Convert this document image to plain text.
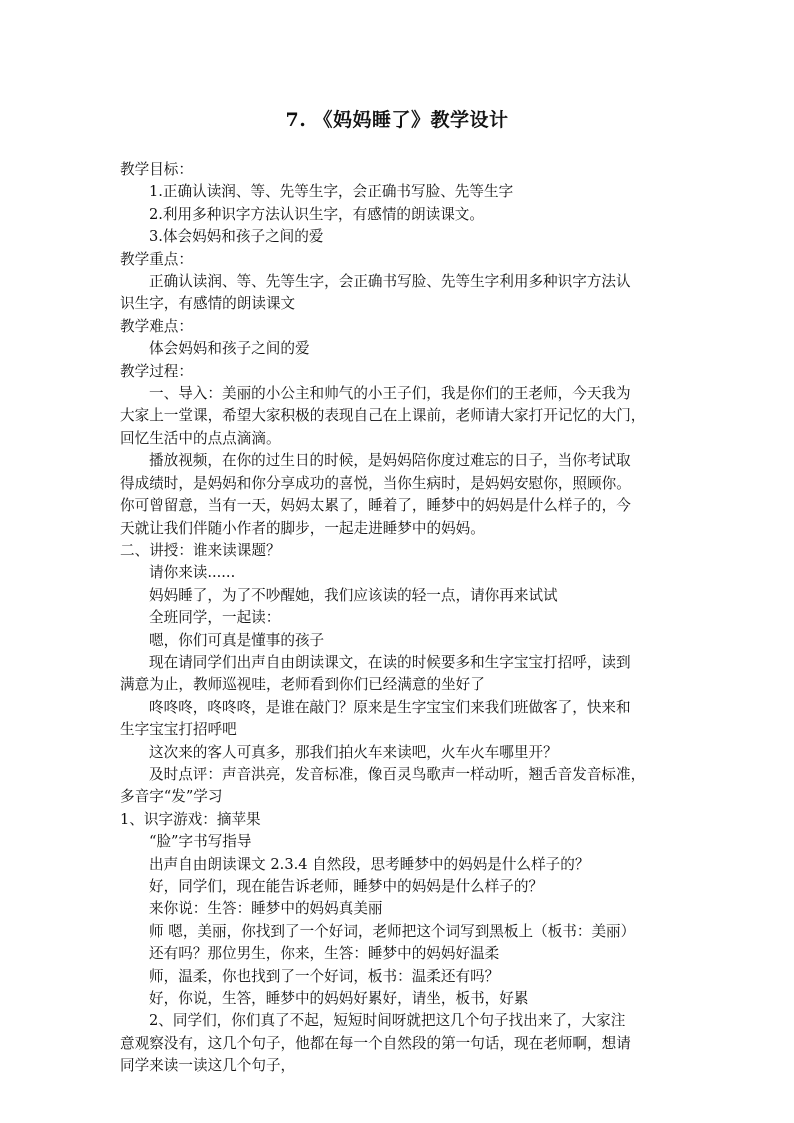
7. 《妈妈睡了》教学设计
教学目标：
1.正确认读润、等、先等生字，会正确书写脸、先等生字
2.利用多种识字方法认识生字，有感情的朗读课文。
3.体会妈妈和孩子之间的爱
教学重点：
正确认读润、等、先等生字，会正确书写脸、先等生字利用多种识字方法认
识生字，有感情的朗读课文
教学难点：
体会妈妈和孩子之间的爱
教学过程：
一、导入：美丽的小公主和帅气的小王子们，我是你们的王老师，今天我为
大家上一堂课，希望大家积极的表现自己在上课前，老师请大家打开记忆的大门，
回忆生活中的点点滴滴。
播放视频，在你的过生日的时候，是妈妈陪你度过难忘的日子，当你考试取
得成绩时，是妈妈和你分享成功的喜悦，当你生病时，是妈妈安慰你，照顾你。
你可曾留意，当有一天，妈妈太累了，睡着了，睡梦中的妈妈是什么样子的，今
天就让我们伴随小作者的脚步，一起走进睡梦中的妈妈。
二、讲授：谁来读课题？
请你来读......
妈妈睡了，为了不吵醒她，我们应该读的轻一点，请你再来试试
全班同学，一起读：
嗯，你们可真是懂事的孩子
现在请同学们出声自由朗读课文，在读的时候要多和生字宝宝打招呼，读到
满意为止，教师巡视哇，老师看到你们已经满意的坐好了
咚咚咚，咚咚咚，是谁在敲门？原来是生字宝宝们来我们班做客了，快来和
生字宝宝打招呼吧
这次来的客人可真多，那我们拍火车来读吧，火车火车哪里开？
及时点评：声音洪亮，发音标准，像百灵鸟歌声一样动听，翘舌音发音标准，
多音字“发”学习
1、识字游戏：摘苹果
“脸”字书写指导
出声自由朗读课文 2.3.4 自然段，思考睡梦中的妈妈是什么样子的？
好，同学们，现在能告诉老师，睡梦中的妈妈是什么样子的？
来你说：生答：睡梦中的妈妈真美丽
师 嗯，美丽，你找到了一个好词，老师把这个词写到黑板上（板书：美丽）
还有吗？那位男生，你来，生答：睡梦中的妈妈好温柔
师，温柔，你也找到了一个好词，板书：温柔还有吗？
好，你说，生答，睡梦中的妈妈好累好，请坐，板书，好累
2、同学们，你们真了不起，短短时间呀就把这几个句子找出来了，大家注
意观察没有，这几个句子，他都在每一个自然段的第一句话，现在老师啊，想请
同学来读一读这几个句子，
